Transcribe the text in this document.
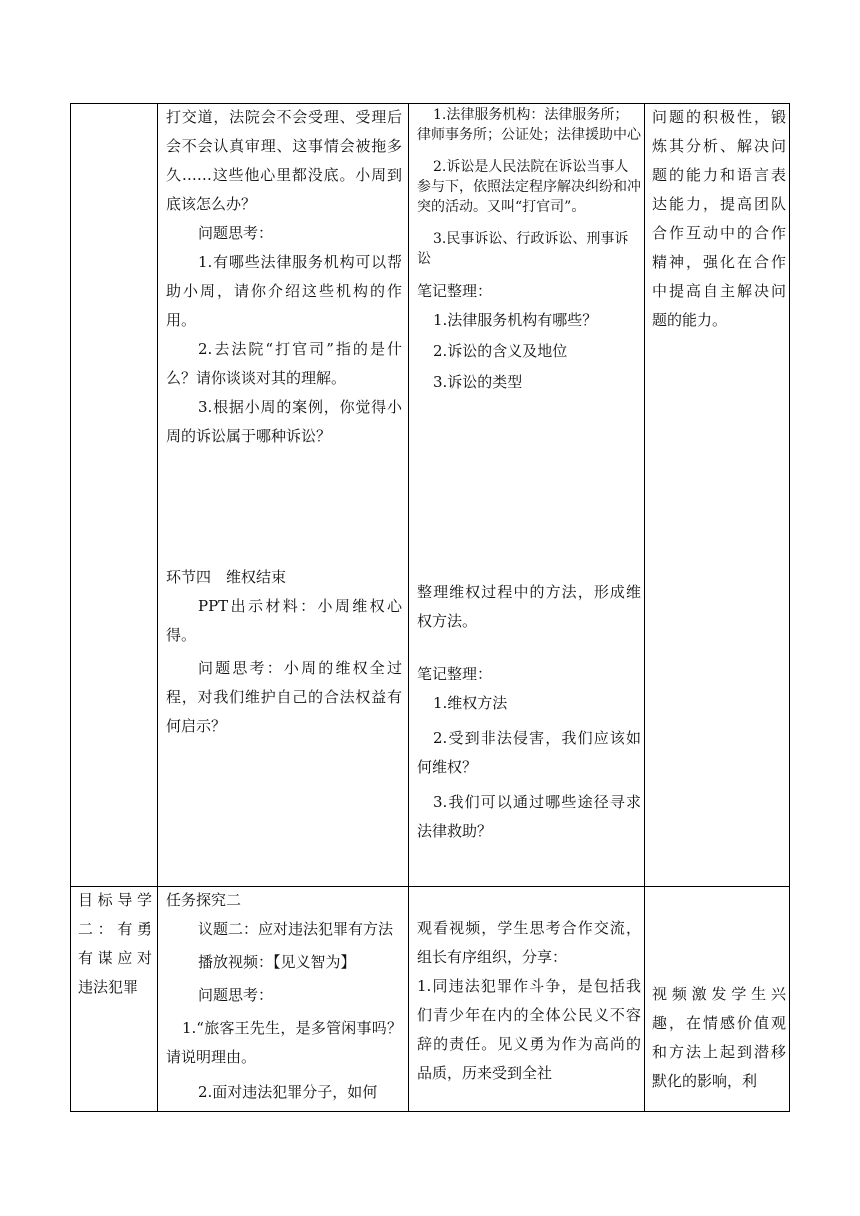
打交道，法院会不会受理、受理后会不会认真审理、这事情会被拖多久……这些他心里都没底。小周到底该怎么办？

问题思考：

1.有哪些法律服务机构可以帮助小周，请你介绍这些机构的作用。

2.去法院“打官司”指的是什么？请你谈谈对其的理解。

3.根据小周的案例，你觉得小周的诉讼属于哪种诉讼？

环节四　维权结束

PPT出示材料：小周维权心得。

问题思考：小周的维权全过程，对我们维护自己的合法权益有何启示？

1.法律服务机构：法律服务所；律师事务所；公证处；法律援助中心

2.诉讼是人民法院在诉讼当事人参与下，依照法定程序解决纠纷和冲突的活动。又叫“打官司”。

3.民事诉讼、行政诉讼、刑事诉讼

笔记整理：

1.法律服务机构有哪些？

2.诉讼的含义及地位

3.诉讼的类型

整理维权过程中的方法，形成维权方法。

笔记整理：

1.维权方法

2.受到非法侵害，我们应该如何维权？

3.我们可以通过哪些途径寻求法律救助？

问题的积极性，锻炼其分析、解决问题的能力和语言表达能力，提高团队合作互动中的合作精神，强化在合作中提高自主解决问题的能力。

目标导学二：有勇有谋应对违法犯罪

任务探究二

议题二：应对违法犯罪有方法

播放视频：【见义智为】

问题思考：

1.“旅客王先生，是多管闲事吗？请说明理由。

2.面对违法犯罪分子，如何

观看视频，学生思考合作交流，组长有序组织，分享：

1.同违法犯罪作斗争，是包括我们青少年在内的全体公民义不容辞的责任。见义勇为作为高尚的品质，历来受到全社

视频激发学生兴趣，在情感价值观和方法上起到潜移默化的影响，利
